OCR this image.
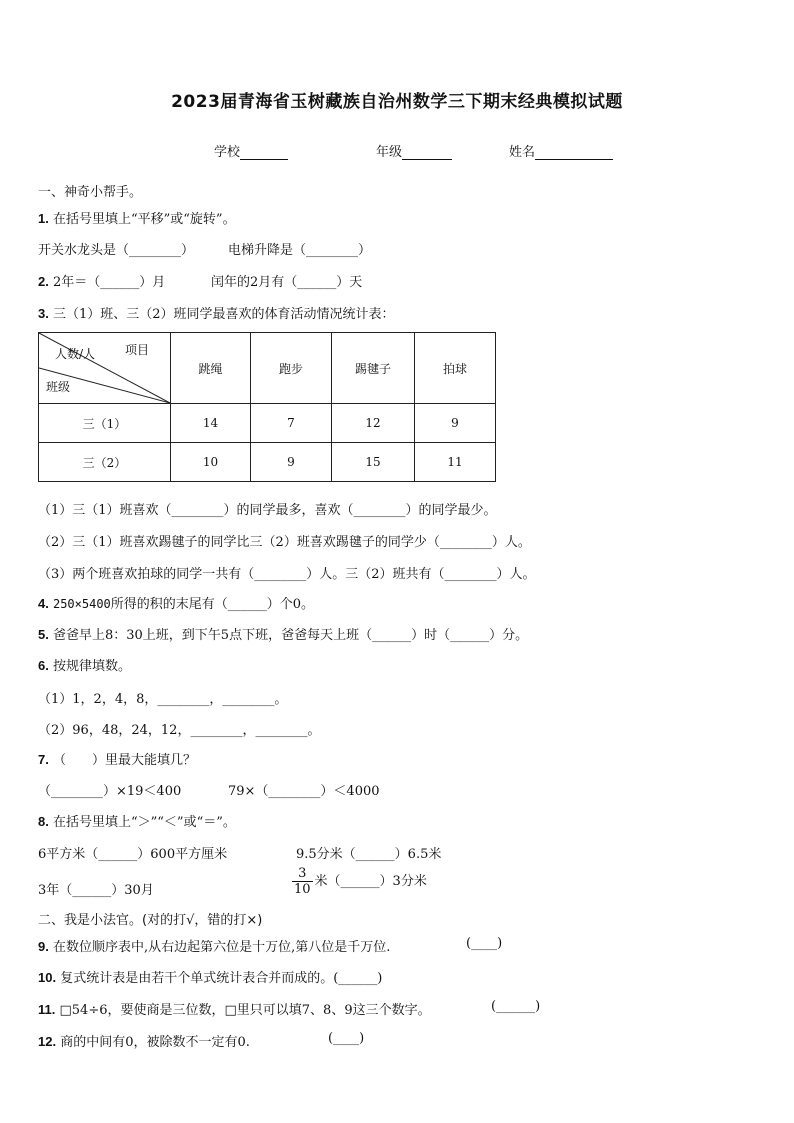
2023届青海省玉树藏族自治州数学三下期末经典模拟试题
学校	年级	姓名
一、神奇小帮手。
1. 在括号里填上“平移”或“旋转”。
开关水龙头是（________）	电梯升降是（________）
2. 2年＝（______）月	闰年的2月有（______）天
3. 三（1）班、三（2）班同学最喜欢的体育活动情况统计表：
人数/人 项目
班级	跳绳	跑步	踢毽子	拍球
三（1）	14	7	12	9
三（2）	10	9	15	11
（1）三（1）班喜欢（________）的同学最多，喜欢（________）的同学最少。
（2）三（1）班喜欢踢毽子的同学比三（2）班喜欢踢毽子的同学少（________）人。
（3）两个班喜欢拍球的同学一共有（________）人。三（2）班共有（________）人。
4. 250×5400所得的积的末尾有（______）个0。
5. 爸爸早上8：30上班，到下午5点下班，爸爸每天上班（______）时（______）分。
6. 按规律填数。
（1）1，2，4，8，________，________。
（2）96，48，24，12，________，________。
7. （　　）里最大能填几？
（________）×19＜400	79×（________）＜4000
8. 在括号里填上“＞”“＜”或“＝”。
6平方米（______）600平方厘米	9.5分米（______）6.5米
3年（______）30月	$\frac{3}{10}$ 米（______）3分米
二、我是小法官。(对的打√，错的打×)
9. 在数位顺序表中,从右边起第六位是十万位,第八位是千万位.	(____)
10. 复式统计表是由若干个单式统计表合并而成的。(______)
11. □54÷6，要使商是三位数，□里只可以填7、8、9这三个数字。	(______)
12. 商的中间有0，被除数不一定有0.	(____)
